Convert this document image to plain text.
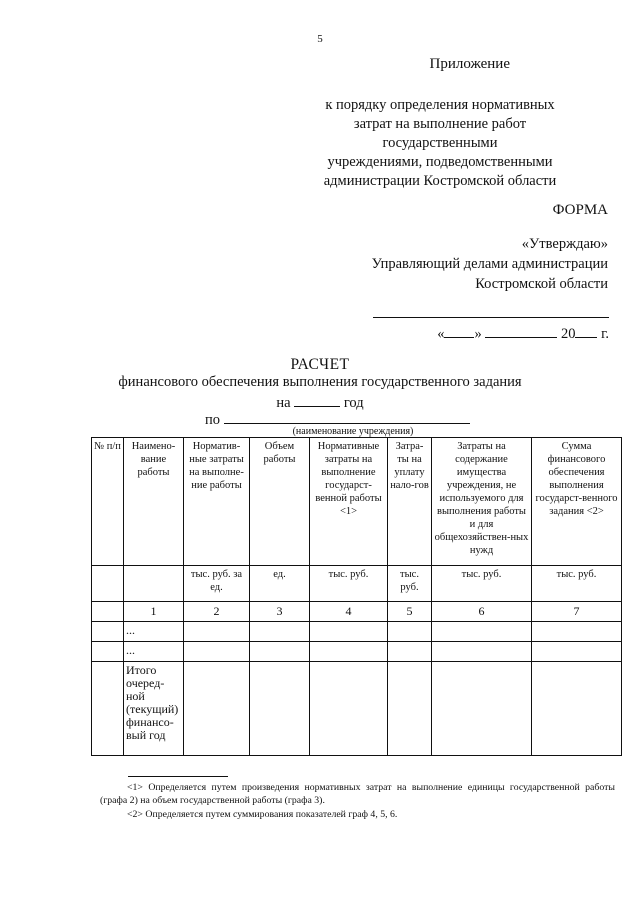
5
Приложение
к порядку определения нормативных
затрат на выполнение работ
государственными
учреждениями, подведомственными
администрации Костромской области
ФОРМА
«Утверждаю»
Управляющий делами администрации
Костромской области
« »	20 г.
РАСЧЕТ
финансового обеспечения выполнения государственного задания
на	год
по
(наименование учреждения)
№ п/п	Наимено-вание работы	Норматив-ные затраты на выполне-ние работы	Объем работы	Нормативные затраты на выполнение государст-венной работы <1>	Затра-ты на уплату нало-гов	Затраты на содержание имущества учреждения, не используемого для выполнения работы и для общехозяйствен-ных нужд	Сумма финансового обеспечения выполнения государст-венного задания <2>
		тыс. руб. за ед.	ед.	тыс. руб.	тыс. руб.	тыс. руб.	тыс. руб.
	1	2	3	4	5	6	7
	...						
	...						
	Итого очеред-ной (текущий) финансо-вый год						
<1> Определяется путем произведения нормативных затрат на выполнение единицы государственной работы (графа 2) на объем государственной работы (графа 3).
<2> Определяется путем суммирования показателей граф 4, 5, 6.
